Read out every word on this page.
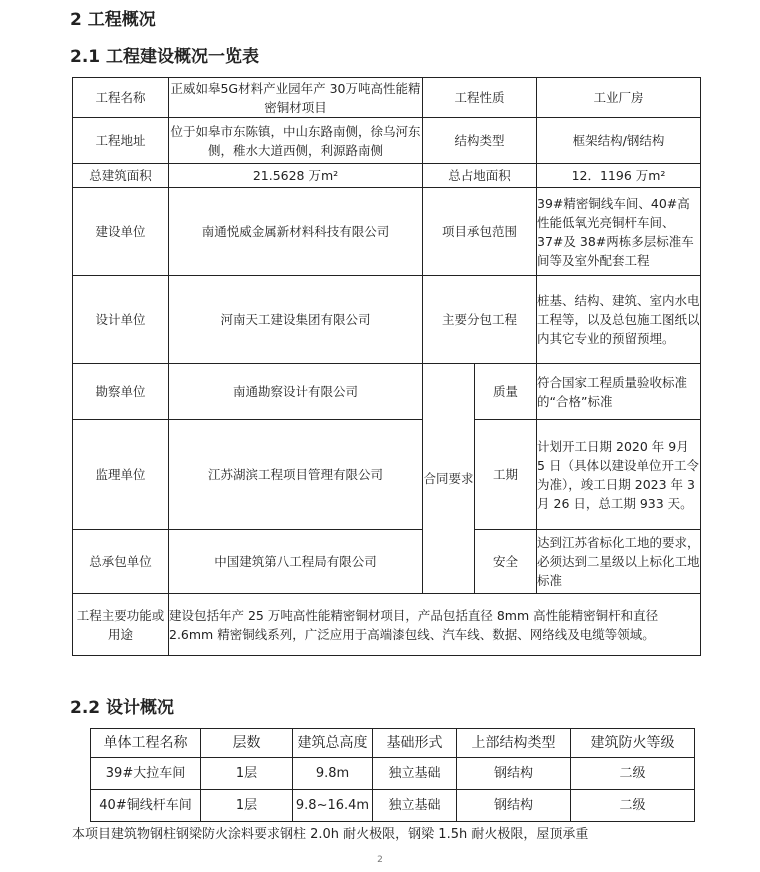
2 工程概况
2.1 工程建设概况一览表
工程名称	正威如皋5G材料产业园年产 30万吨高性能精密铜材项目	工程性质		工业厂房
工程地址	位于如皋市东陈镇，中山东路南侧，徐乌河东侧，稚水大道西侧，利源路南侧	结构类型		框架结构/钢结构
总建筑面积	21.5628 万m²	总占地面积		12．1196 万m²
建设单位	南通悦威金属新材料科技有限公司	项目承包范围		39#精密铜线车间、40#高性能低氧光亮铜杆车间、37#及 38#两栋多层标准车间等及室外配套工程
设计单位	河南天工建设集团有限公司	主要分包工程		桩基、结构、建筑、室内水电工程等，以及总包施工图纸以内其它专业的预留预埋。
勘察单位	南通勘察设计有限公司	合同要求	质量	符合国家工程质量验收标准的“合格”标准
监理单位	江苏湖滨工程项目管理有限公司		工期	计划开工日期 2020 年 9月 5 日（具体以建设单位开工令为准），竣工日期 2023 年 3 月 26 日，总工期 933 天。
总承包单位	中国建筑第八工程局有限公司		安全	达到江苏省标化工地的要求，必须达到二星级以上标化工地标准
工程主要功能或用途	建设包括年产 25 万吨高性能精密铜材项目，产品包括直径 8mm 高性能精密铜杆和直径 2.6mm 精密铜线系列，广泛应用于高端漆包线、汽车线、数据、网络线及电缆等领域。			
2.2 设计概况
单体工程名称	层数	建筑总高度	基础形式	上部结构类型	建筑防火等级
39#大拉车间	1层	9.8m	独立基础	钢结构	二级
40#铜线杆车间	1层	9.8~16.4m	独立基础	钢结构	二级
本项目建筑物钢柱钢梁防火涂料要求钢柱 2.0h 耐火极限，钢梁 1.5h 耐火极限，屋顶承重
2
